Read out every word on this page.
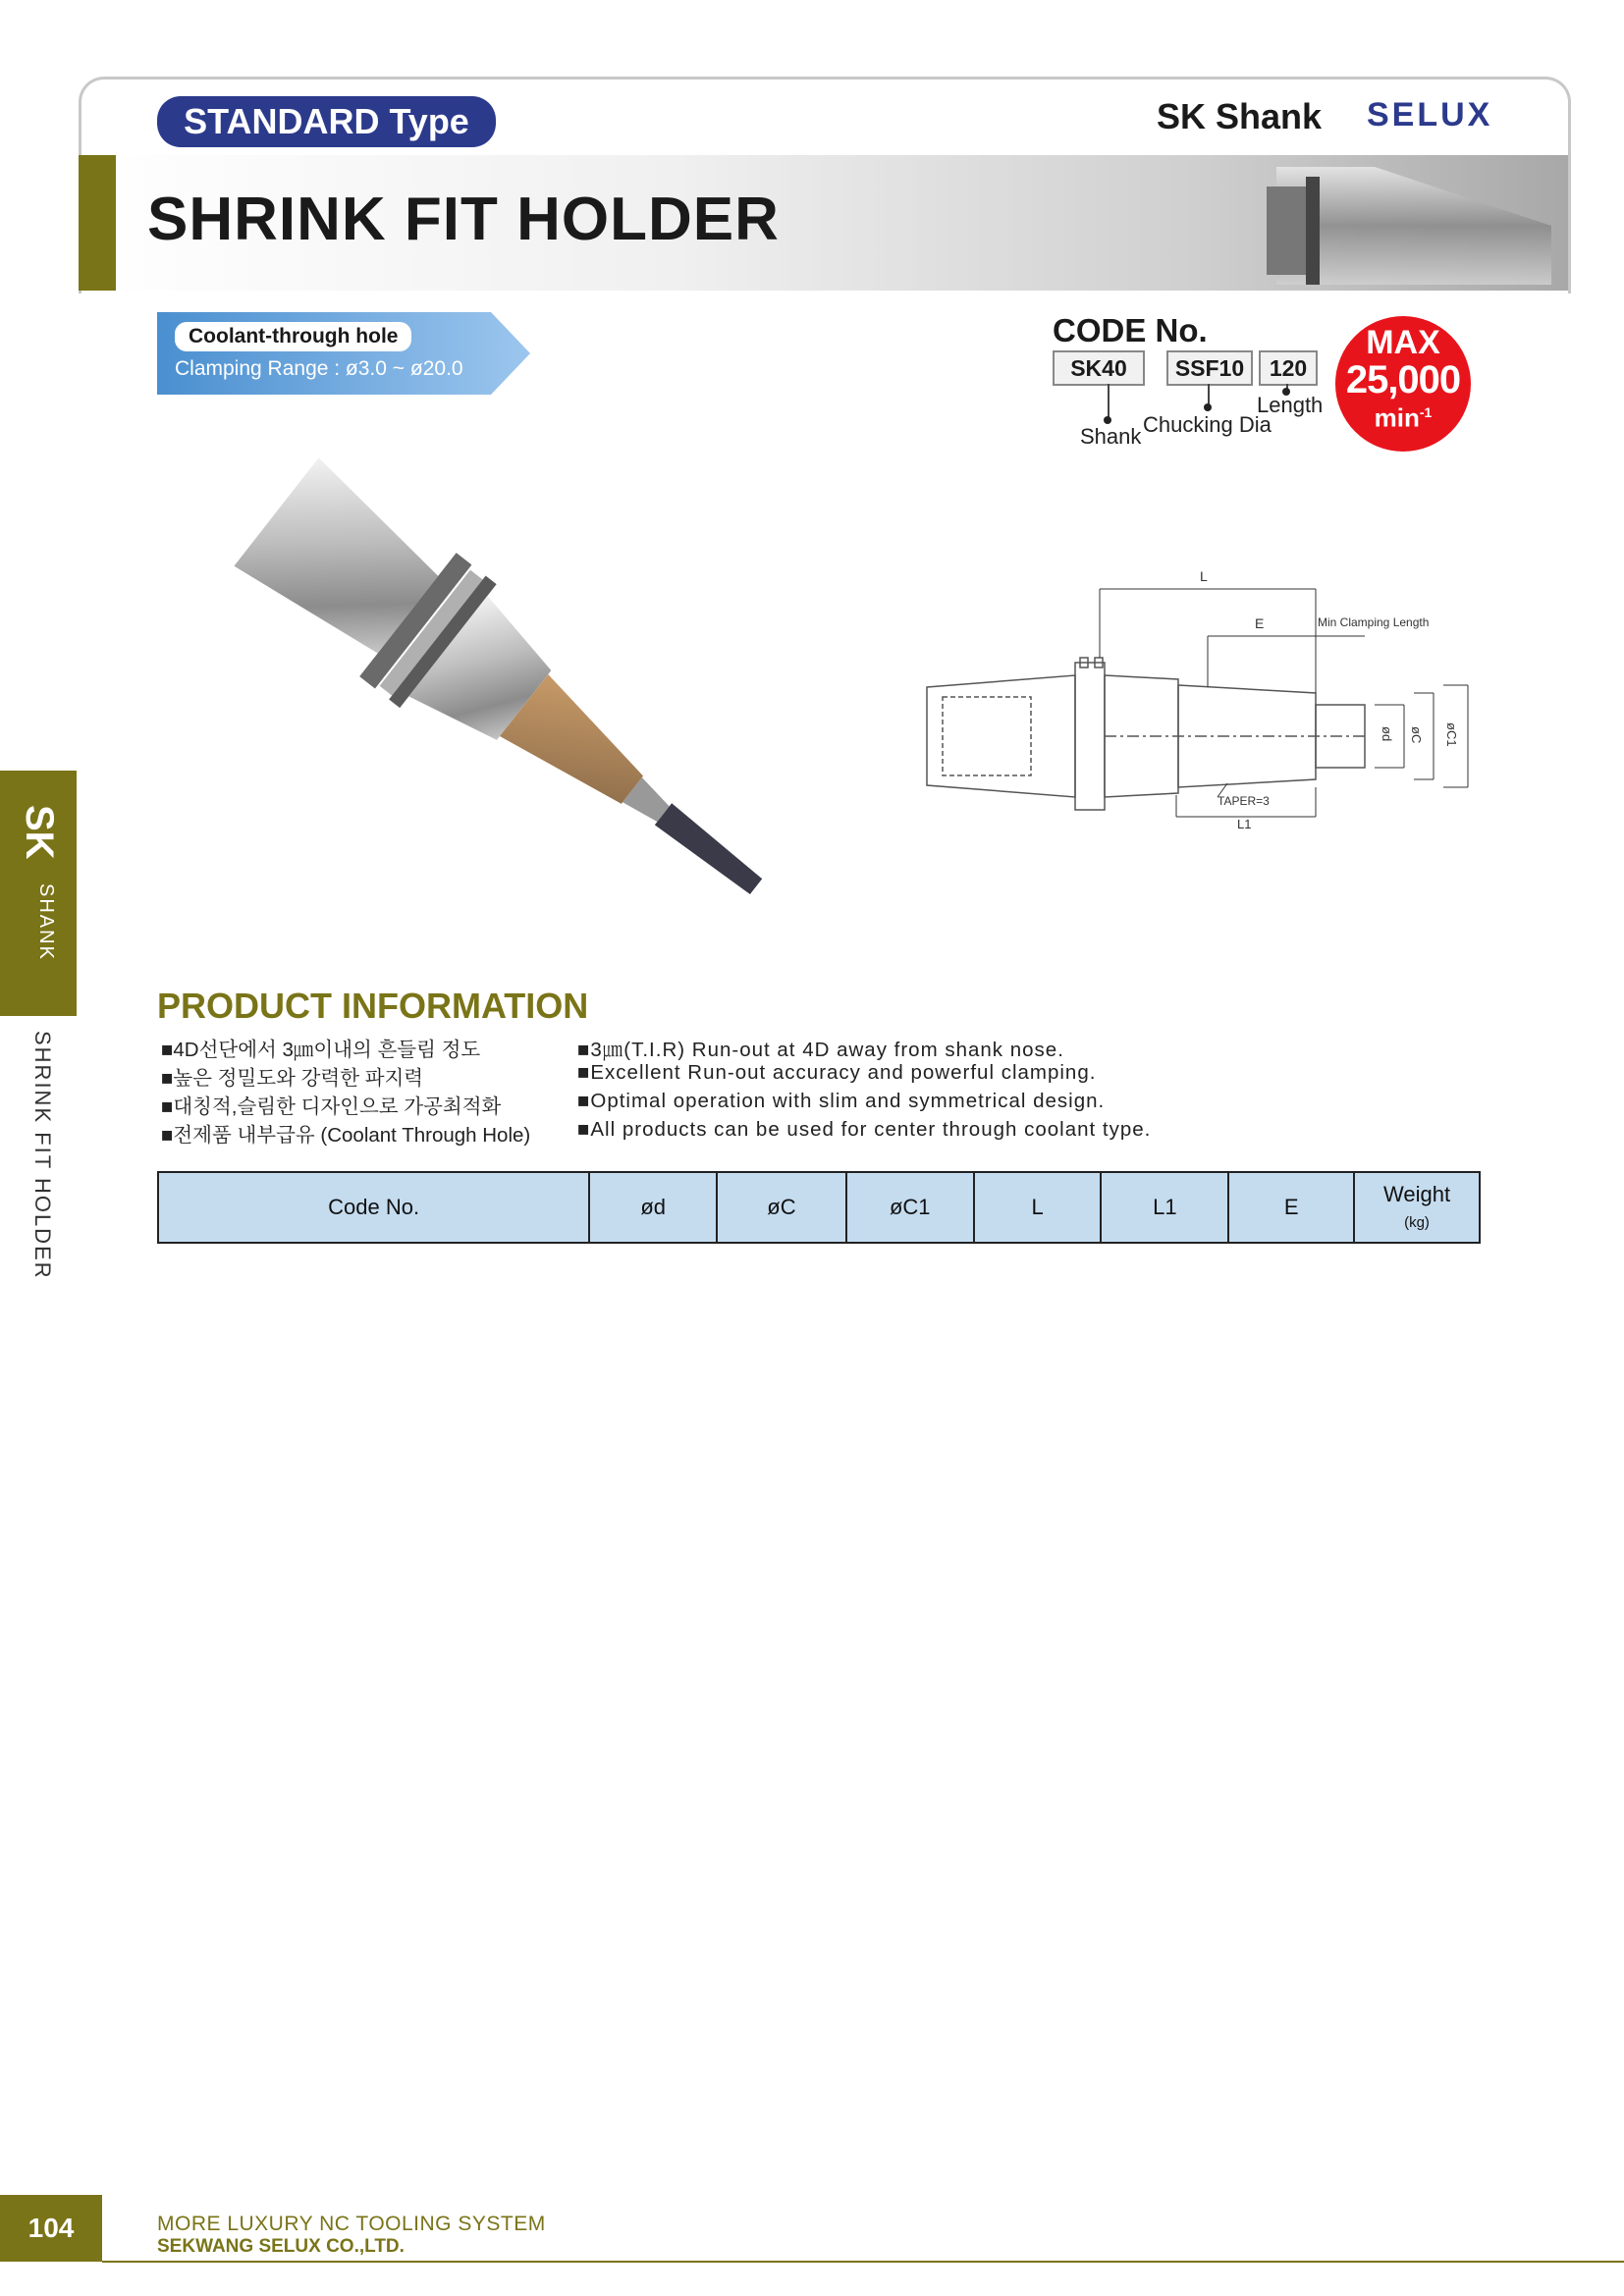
STANDARD Type	SK Shank SELUX
SHRINK FIT HOLDER
Coolant-through hole
Clamping Range : ø3.0 ~ ø20.0
CODE No.
SK40	SSF10	120
Shank Chucking Dia
Length
MAX
25,000
$\min^{-1}$
L
E	Min Clamping Length
ød øC øC1
TAPER=3
L1
SK
SHANK
SHRINK FIT HOLDER
PRODUCT INFORMATION
■4D선단에서 3㎛이내의 흔들림 정도
■높은 정밀도와 강력한 파지력
■대칭적,슬림한 디자인으로 가공최적화
■전제품 내부급유 (Coolant Through Hole)
■3㎛(T.I.R) Run-out at 4D away from shank nose.
■Excellent Run-out accuracy and powerful clamping.
■Optimal operation with slim and symmetrical design.
■All products can be used for center through coolant type.
Code No.	ød	øC	øC1	L	L1	E	Weight
(kg)
104	MORE LUXURY NC TOOLING SYSTEM
SEKWANG SELUX CO.,LTD.
